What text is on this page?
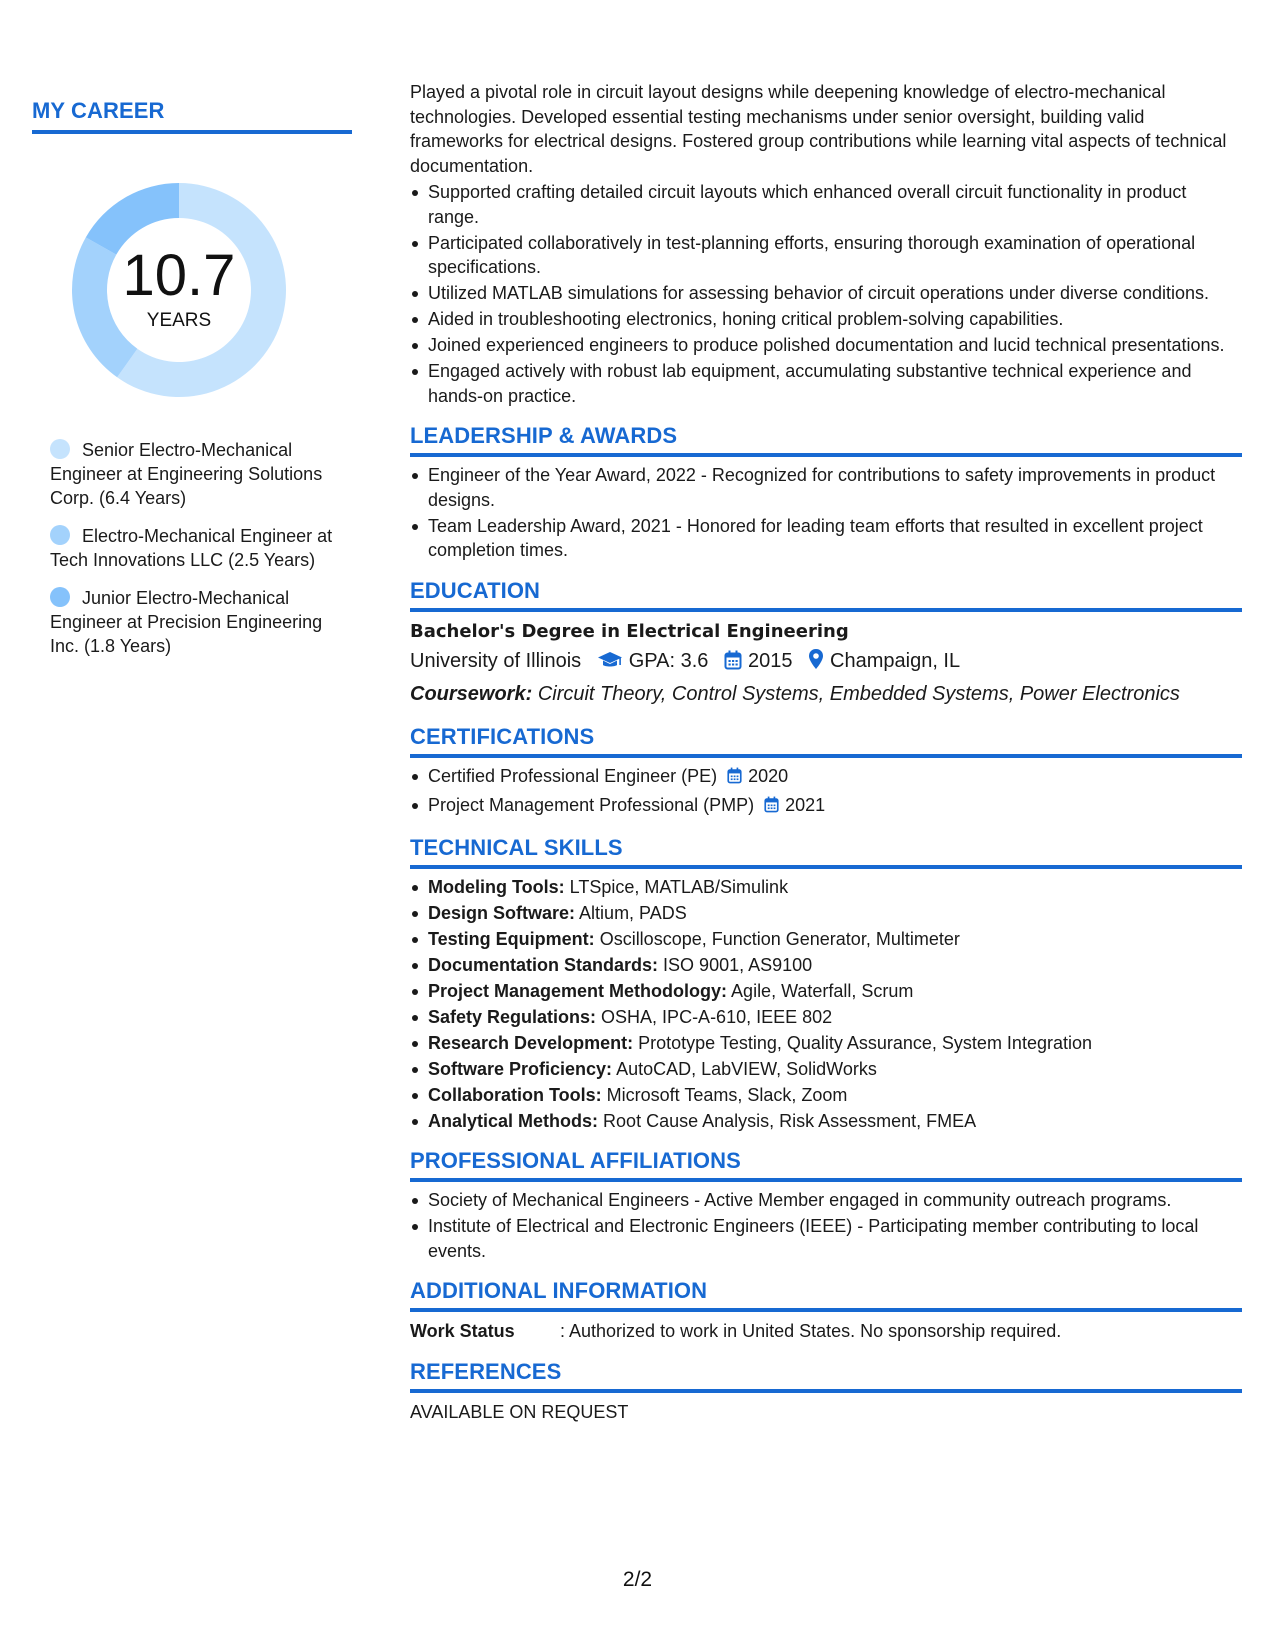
MY CAREER
10.7
YEARS
Senior Electro-Mechanical Engineer at Engineering Solutions Corp. (6.4 Years)
Electro-Mechanical Engineer at Tech Innovations LLC (2.5 Years)
Junior Electro-Mechanical Engineer at Precision Engineering Inc. (1.8 Years)

Played a pivotal role in circuit layout designs while deepening knowledge of electro-mechanical technologies. Developed essential testing mechanisms under senior oversight, building valid frameworks for electrical designs. Fostered group contributions while learning vital aspects of technical documentation.

Supported crafting detailed circuit layouts which enhanced overall circuit functionality in product range.
Participated collaboratively in test-planning efforts, ensuring thorough examination of operational specifications.
Utilized MATLAB simulations for assessing behavior of circuit operations under diverse conditions.
Aided in troubleshooting electronics, honing critical problem-solving capabilities.
Joined experienced engineers to produce polished documentation and lucid technical presentations.
Engaged actively with robust lab equipment, accumulating substantive technical experience and hands-on practice.
LEADERSHIP & AWARDS
Engineer of the Year Award, 2022 - Recognized for contributions to safety improvements in product designs.
Team Leadership Award, 2021 - Honored for leading team efforts that resulted in excellent project completion times.
EDUCATION
Bachelor's Degree in Electrical Engineering
University of Illinois GPA: 3.6 2015 Champaign, IL
Coursework: Circuit Theory, Control Systems, Embedded Systems, Power Electronics
CERTIFICATIONS
Certified Professional Engineer (PE) 2020
Project Management Professional (PMP) 2021
TECHNICAL SKILLS
Modeling Tools: LTSpice, MATLAB/Simulink
Design Software: Altium, PADS
Testing Equipment: Oscilloscope, Function Generator, Multimeter
Documentation Standards: ISO 9001, AS9100
Project Management Methodology: Agile, Waterfall, Scrum
Safety Regulations: OSHA, IPC-A-610, IEEE 802
Research Development: Prototype Testing, Quality Assurance, System Integration
Software Proficiency: AutoCAD, LabVIEW, SolidWorks
Collaboration Tools: Microsoft Teams, Slack, Zoom
Analytical Methods: Root Cause Analysis, Risk Assessment, FMEA
PROFESSIONAL AFFILIATIONS
Society of Mechanical Engineers - Active Member engaged in community outreach programs.
Institute of Electrical and Electronic Engineers (IEEE) - Participating member contributing to local events.
ADDITIONAL INFORMATION
Work Status	: Authorized to work in United States. No sponsorship required.
REFERENCES
AVAILABLE ON REQUEST
2/2
